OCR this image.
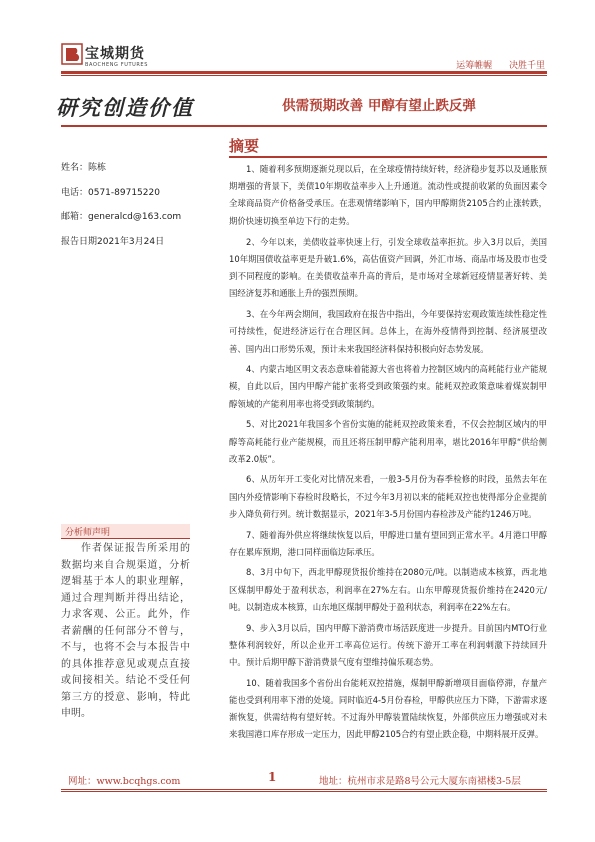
宝城期货
BAOCHENG FUTURES	运筹帷幄 决胜千里
研究创造价值	供需预期改善 甲醇有望止跌反弹
姓名：陈栋
电话：0571-89715220
邮箱：generalcd@163.com
报告日期2021年3月24日
分析师声明
作者保证报告所采用的数据均来自合规渠道，分析逻辑基于本人的职业理解，通过合理判断并得出结论，力求客观、公正。此外，作者薪酬的任何部分不曾与，不与，也将不会与本报告中的具体推荐意见或观点直接或间接相关。结论不受任何第三方的授意、影响，特此申明。
摘要

1、随着利多预期逐渐兑现以后，在全球疫情持续好转，经济稳步复苏以及通胀预期增强的背景下，美债10年期收益率步入上升通道。流动性或提前收紧的负面因素令全球商品资产价格备受承压。在悲观情绪影响下，国内甲醇期货2105合约止涨转跌，期价快速切换至单边下行的走势。

2、今年以来，美债收益率快速上行，引发全球收益率拒抗。步入3月以后，美国10年期国债收益率更是升破1.6%，高估值资产回调，外汇市场、商品市场及股市也受到不同程度的影响。在美债收益率升高的背后，是市场对全球新冠疫情显著好转、美国经济复苏和通胀上升的强烈预期。

3、在今年两会期间，我国政府在报告中指出，今年要保持宏观政策连续性稳定性可持续性，促进经济运行在合理区间。总体上，在海外疫情得到控制、经济展望改善、国内出口形势乐观，预计未来我国经济料保持积极向好态势发展。

4、内蒙古地区明文表态意味着能源大省也将着力控制区域内的高耗能行业产能规模，自此以后，国内甲醇产能扩张将受到政策强约束。能耗双控政策意味着煤炭制甲醇领域的产能利用率也将受到政策制约。

5、对比2021年我国多个省份实施的能耗双控政策来看，不仅会控制区域内的甲醇等高耗能行业产能规模，而且还将压制甲醇产能利用率，堪比2016年甲醇“供给侧改革2.0版”。

6、从历年开工变化对比情况来看，一般3-5月份为春季检修的时段，虽然去年在国内外疫情影响下春检时段略长，不过今年3月初以来的能耗双控也使得部分企业提前步入降负荷行列。统计数据显示，2021年3-5月份国内春检涉及产能约1246万吨。

7、随着海外供应将继续恢复以后，甲醇进口量有望回到正常水平。4月港口甲醇存在累库预期，港口同样面临边际承压。

8、3月中旬下，西北甲醇现货报价维持在2080元/吨。以制造成本核算，西北地区煤制甲醇处于盈利状态，利润率在27%左右。山东甲醇现货报价维持在2420元/吨。以制造成本核算，山东地区煤制甲醇处于盈利状态，利润率在22%左右。

9、步入3月以后，国内甲醇下游消费市场活跃度进一步提升。目前国内MTO行业整体利润较好，所以企业开工率高位运行。传统下游开工率在利润刺激下持续回升中。预计后期甲醇下游消费景气度有望维持偏乐观态势。

10、随着我国多个省份出台能耗双控措施，煤制甲醇新增项目面临停滞，存量产能也受到利用率下滑的处境。同时临近4-5月份春检，甲醇供应压力下降，下游需求逐渐恢复，供需结构有望好转。不过海外甲醇装置陆续恢复，外部供应压力增强或对未来我国港口库存形成一定压力，因此甲醇2105合约有望止跌企稳，中期料展开反弹。

网址：www.bcqhgs.com	1	地址：杭州市求是路8号公元大厦东南裙楼3-5层
